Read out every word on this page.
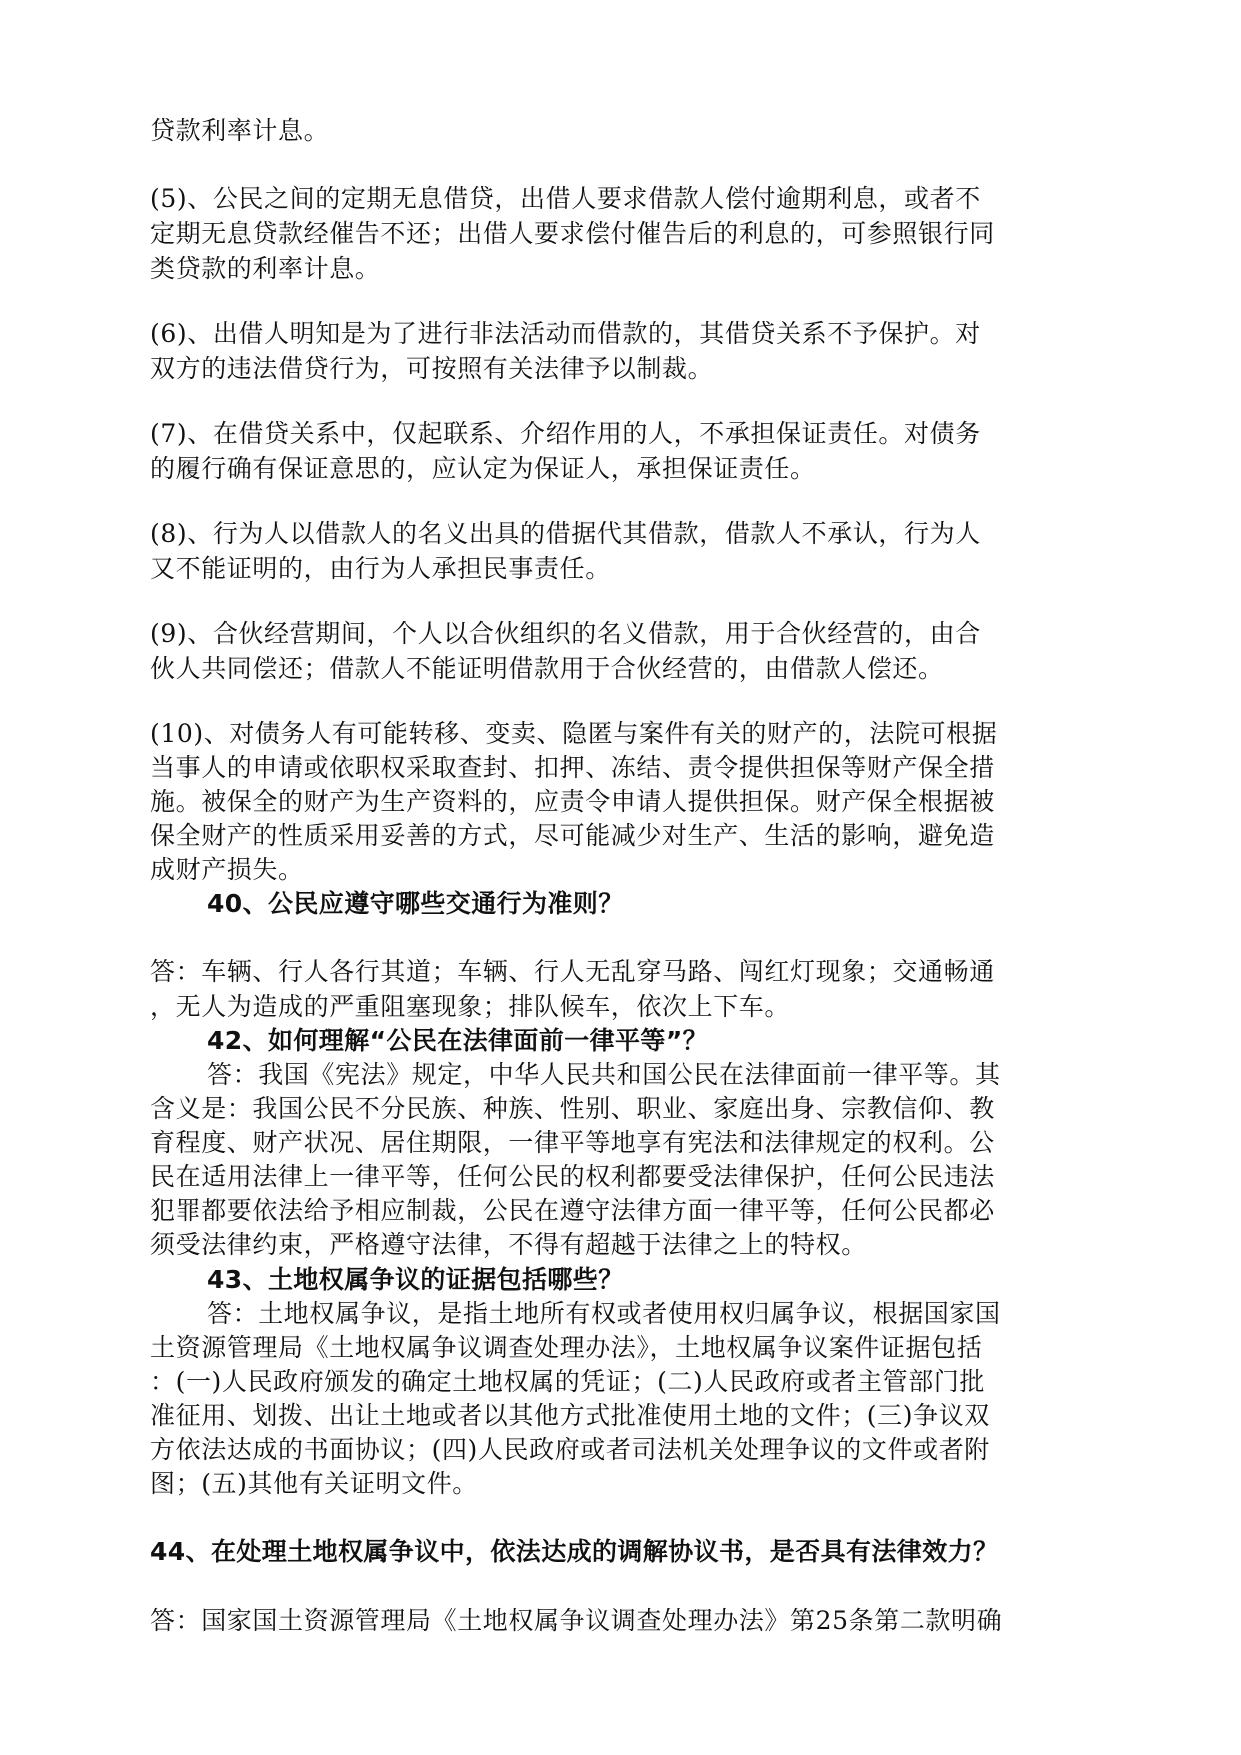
贷款利率计息。
(5)、公民之间的定期无息借贷，出借人要求借款人偿付逾期利息，或者不
定期无息贷款经催告不还；出借人要求偿付催告后的利息的，可参照银行同
类贷款的利率计息。
(6)、出借人明知是为了进行非法活动而借款的，其借贷关系不予保护。对
双方的违法借贷行为，可按照有关法律予以制裁。
(7)、在借贷关系中，仅起联系、介绍作用的人，不承担保证责任。对债务
的履行确有保证意思的，应认定为保证人，承担保证责任。
(8)、行为人以借款人的名义出具的借据代其借款，借款人不承认，行为人
又不能证明的，由行为人承担民事责任。
(9)、合伙经营期间，个人以合伙组织的名义借款，用于合伙经营的，由合
伙人共同偿还；借款人不能证明借款用于合伙经营的，由借款人偿还。
(10)、对债务人有可能转移、变卖、隐匿与案件有关的财产的，法院可根据
当事人的申请或依职权采取查封、扣押、冻结、责令提供担保等财产保全措
施。被保全的财产为生产资料的，应责令申请人提供担保。财产保全根据被
保全财产的性质采用妥善的方式，尽可能减少对生产、生活的影响，避免造
成财产损失。
40、公民应遵守哪些交通行为准则？
答：车辆、行人各行其道；车辆、行人无乱穿马路、闯红灯现象；交通畅通
，无人为造成的严重阻塞现象；排队候车，依次上下车。
42、如何理解“公民在法律面前一律平等”？
答：我国《宪法》规定，中华人民共和国公民在法律面前一律平等。其
含义是：我国公民不分民族、种族、性别、职业、家庭出身、宗教信仰、教
育程度、财产状况、居住期限，一律平等地享有宪法和法律规定的权利。公
民在适用法律上一律平等，任何公民的权利都要受法律保护，任何公民违法
犯罪都要依法给予相应制裁，公民在遵守法律方面一律平等，任何公民都必
须受法律约束，严格遵守法律，不得有超越于法律之上的特权。
43、土地权属争议的证据包括哪些？
答：土地权属争议，是指土地所有权或者使用权归属争议，根据国家国
土资源管理局《土地权属争议调查处理办法》，土地权属争议案件证据包括
：(一)人民政府颁发的确定土地权属的凭证；(二)人民政府或者主管部门批
准征用、划拨、出让土地或者以其他方式批准使用土地的文件；(三)争议双
方依法达成的书面协议；(四)人民政府或者司法机关处理争议的文件或者附
图；(五)其他有关证明文件。
44、在处理土地权属争议中，依法达成的调解协议书，是否具有法律效力？
答：国家国土资源管理局《土地权属争议调查处理办法》第25条第二款明确
